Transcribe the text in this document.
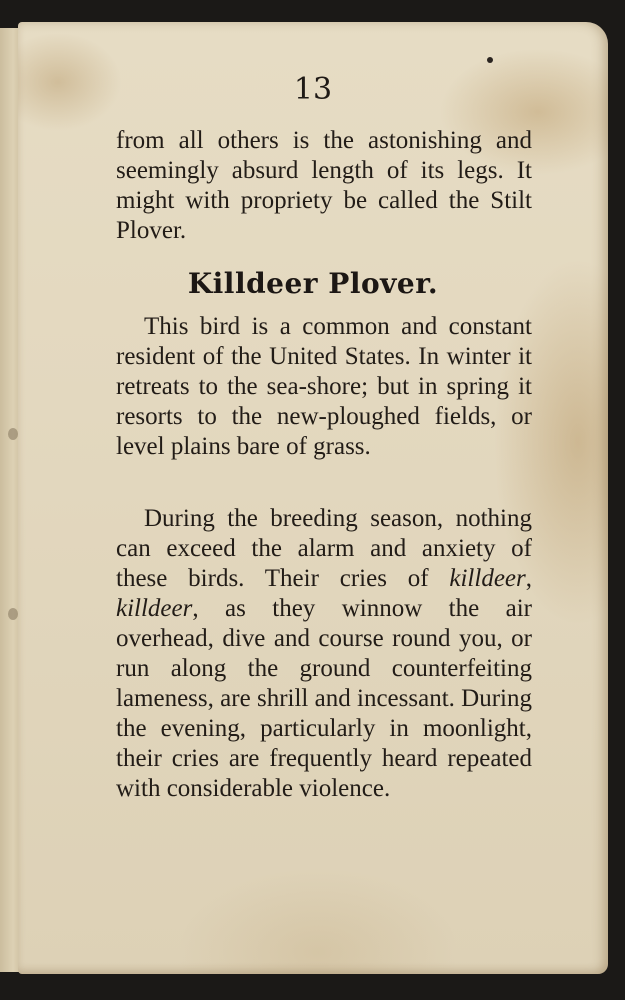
13

from all others is the astonishing and seemingly absurd length of its legs. It might with propriety be called the Stilt Plover.

Killdeer Plover.

This bird is a common and constant resident of the United States. In winter it retreats to the sea-shore; but in spring it resorts to the new-ploughed fields, or level plains bare of grass.

During the breeding season, nothing can exceed the alarm and anxiety of these birds. Their cries of killdeer, killdeer, as they winnow the air overhead, dive and course round you, or run along the ground counterfeiting lameness, are shrill and incessant. During the evening, particularly in moonlight, their cries are frequently heard repeated with considerable violence.
